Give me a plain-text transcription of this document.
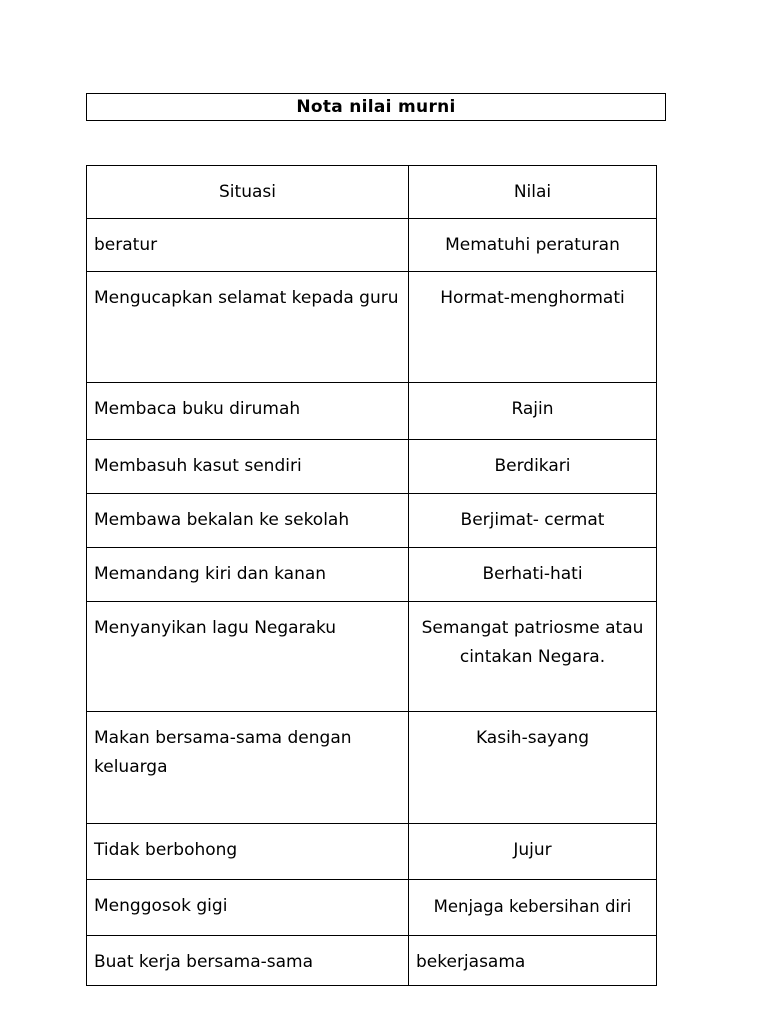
Nota nilai murni
Situasi	Nilai
beratur	Mematuhi peraturan
Mengucapkan selamat kepada guru	Hormat-menghormati
Membaca buku dirumah	Rajin
Membasuh kasut sendiri	Berdikari
Membawa bekalan ke sekolah	Berjimat- cermat
Memandang kiri dan kanan	Berhati-hati
Menyanyikan lagu Negaraku	Semangat patriosme atau cintakan Negara.
Makan bersama-sama dengan keluarga	Kasih-sayang
Tidak berbohong	Jujur
Menggosok gigi	Menjaga kebersihan diri
Buat kerja bersama-sama	bekerjasama
